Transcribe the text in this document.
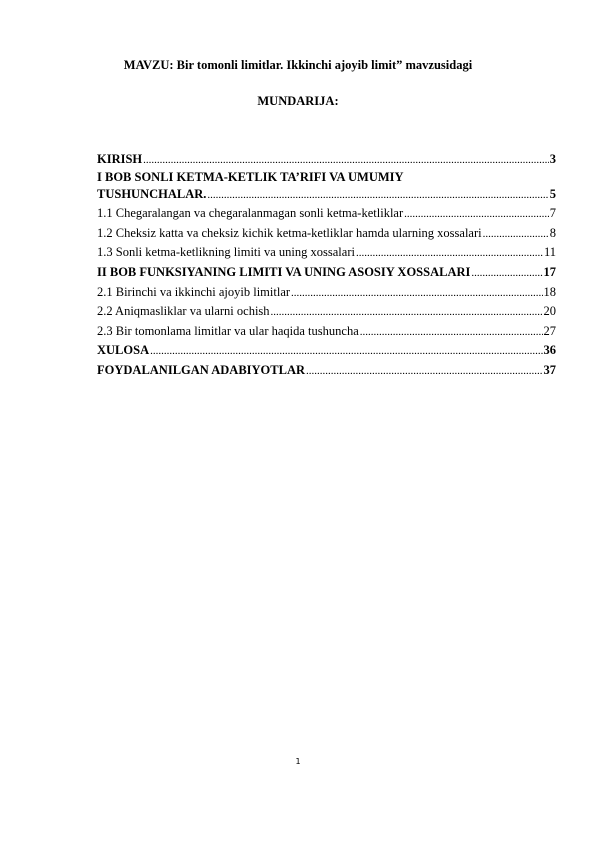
MAVZU: Bir tomonli limitlar. Ikkinchi ajoyib limit” mavzusidagi
MUNDARIJA:
KIRISH .....	3
I BOB SONLI KETMA-KETLIK TA’RIFI VA UMUMIY
TUSHUNCHALAR. .....	5
1.1 Chegaralangan va chegaralanmagan sonli ketma-ketliklar .....	7
1.2 Cheksiz katta va cheksiz kichik ketma-ketliklar hamda ularning xossalari .....	8
1.3 Sonli ketma-ketlikning limiti va uning xossalari .....	11
II BOB FUNKSIYANING LIMITI VA UNING ASOSIY XOSSALARI .....	17
2.1 Birinchi va ikkinchi ajoyib limitlar .....	18
2.2 Aniqmasliklar va ularni ochish .....	20
2.3 Bir tomonlama limitlar va ular haqida tushuncha .....	27
XULOSA .....	36
FOYDALANILGAN ADABIYOTLAR .....	37
1
